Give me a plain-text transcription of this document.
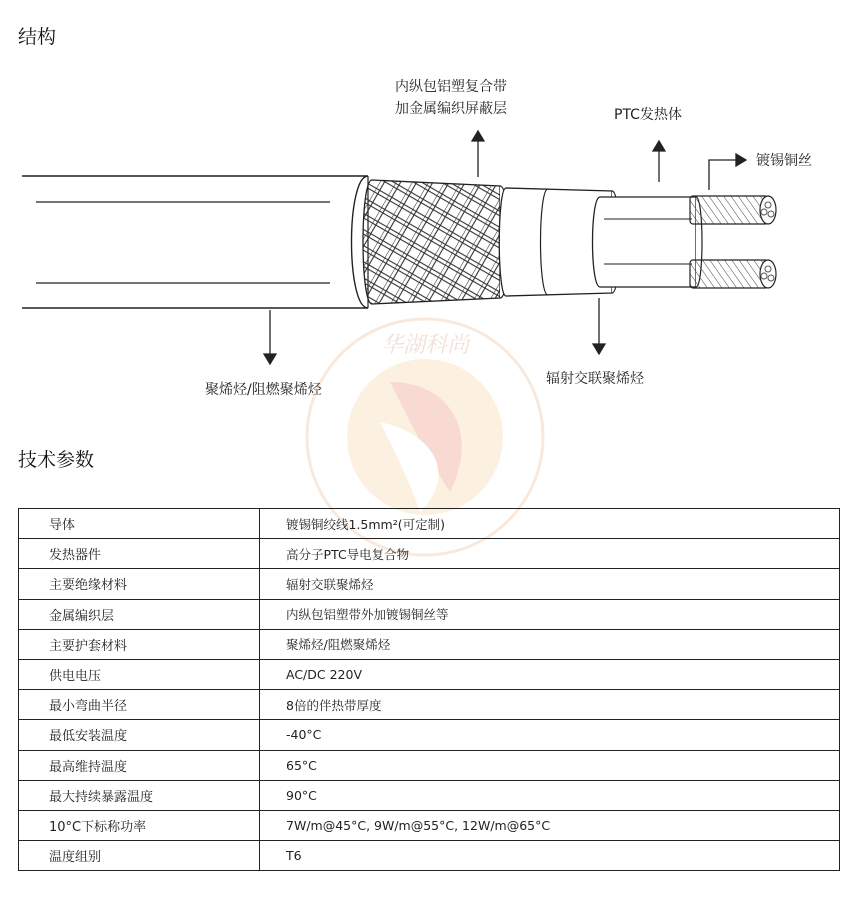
结构
内纵包铝塑复合带
加金属编织屏蔽层	PTC发热体
镀锡铜丝
聚烯烃/阻燃聚烯烃
辐射交联聚烯烃
华湖科尚
技术参数
导体	镀锡铜绞线1.5mm²(可定制)
发热器件	高分子PTC导电复合物
主要绝缘材料	辐射交联聚烯烃
金属编织层	内纵包铝塑带外加镀锡铜丝等
主要护套材料	聚烯烃/阻燃聚烯烃
供电电压	AC/DC 220V
最小弯曲半径	8倍的伴热带厚度
最低安装温度	-40°C
最高维持温度	65°C
最大持续暴露温度	90°C
10°C下标称功率	7W/m@45°C, 9W/m@55°C, 12W/m@65°C
温度组别	T6
